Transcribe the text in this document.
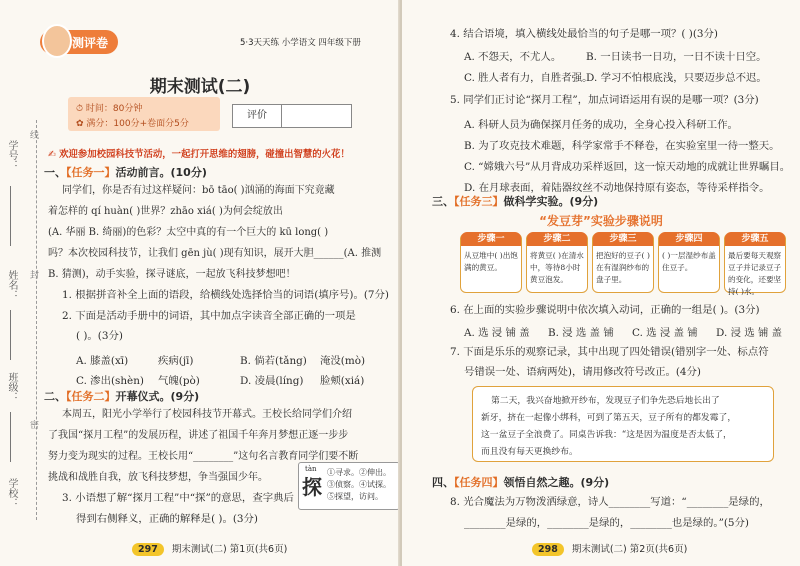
学号：
姓名：
班级：
学校：
线
封
密
测评卷	5·3天天练 小学语文 四年级下册
期末测试(二)
⏱ 时间：80分钟
✿ 满分：100分+卷面分5分
评价
✍ 欢迎参加校园科技节活动，一起打开思维的翅膀，碰撞出智慧的火花！
一、【任务一】活动前言。(10分)
同学们，你是否有过这样疑问：bō tāo( )汹涌的海面下究竟藏
着怎样的 qí huàn( )世界？zhāo xiá( )为何会绽放出
(A. 华丽 B. 绮丽)的色彩？太空中真的有一个巨大的 kū long( )
吗？本次校园科技节，让我们 gēn jù( )现有知识，展开大胆______(A. 推测
B. 猜测)，动手实验，探寻谜底，一起放飞科技梦想吧！
1. 根据拼音补全上面的语段，给横线处选择恰当的词语(填序号)。(7分)
2. 下面是活动手册中的词语，其中加点字读音全部正确的一项是
( )。(3分)
A. 膝盖(xī)	疾病(jī)	B. 倘若(tǎng) 淹没(mò)
C. 渗出(shèn) 气魄(pò)	D. 凌晨(líng) 脸颊(xiá)
二、【任务二】开幕仪式。(9分)
本周五，阳光小学举行了校园科技节开幕式。王校长给同学们介绍
了我国“探月工程”的发展历程，讲述了祖国千年奔月梦想正逐一步步
努力变为现实的过程。王校长用“________”这句名言教育同学们要不断
挑战和战胜自我，放飞科技梦想，争当强国少年。
3. 小语想了解“探月工程”中“探”的意思，查字典后
得到右侧释义，正确的解释是( )。(3分)
tàn
探
①寻求。②伸出。③侦察。④试探。⑤探望，访问。
297 期末测试(二) 第1页(共6页)
4. 结合语境，填入横线处最恰当的句子是哪一项？( )(3分)
A. 不怨天，不尤人。 B. 一日读书一日功，一日不读十日空。
C. 胜人者有力，自胜者强。
D. 学习不怕根底浅，只要迈步总不迟。
5. 同学们正讨论“探月工程”，加点词语运用有误的是哪一项？(3分)
A. 科研人员为确保探月任务的成功，全身心投入科研工作。
B. 为了攻克技术难题，科学家常手不释卷，在实验室里一待一整天。
C. “嫦娥六号”从月背成功采样返回，这一惊天动地的成就让世界瞩目。
D. 在月球表面，着陆器纹丝不动地保持原有姿态，等待采样指令。
三、【任务三】做科学实验。(9分)
“发豆芽”实验步骤说明
步骤一
从豆堆中( )出饱满的黄豆。
步骤二
将黄豆( )在清水中，等待8小时黄豆泡发。
步骤三
把泡好的豆子( )在有湿润纱布的盘子里。
步骤四
( )一层湿纱布盖住豆子。
步骤五
最后要每天观察豆子并记录豆子的变化，还要坚持( )水。
6. 在上面的实验步骤说明中依次填入动词，正确的一组是( )。(3分)
A. 选 浸 铺 盖 B. 浸 选 盖 铺 C. 选 浸 盖 铺 D. 浸 选 铺 盖
7. 下面是乐乐的观察记录，其中出现了四处错误(错别字一处、标点符
号错误一处、语病两处)，请用修改符号改正。(4分)
第二天，我兴奋地掀开纱布，发现豆子们争先恐后地长出了
新牙，挤在一起像小绑科，可到了第五天，豆子所有的都发霉了，
这一盆豆子全浪费了。同桌告诉我：“这是因为温度是否太低了，
而且没有每天更换纱布。
四、【任务四】领悟自然之趣。(9分)
8. 光合魔法为万物泼洒绿意，诗人________写道：“________是绿的，
________是绿的，________是绿的，________也是绿的。”(5分)
298 期末测试(二) 第2页(共6页)
